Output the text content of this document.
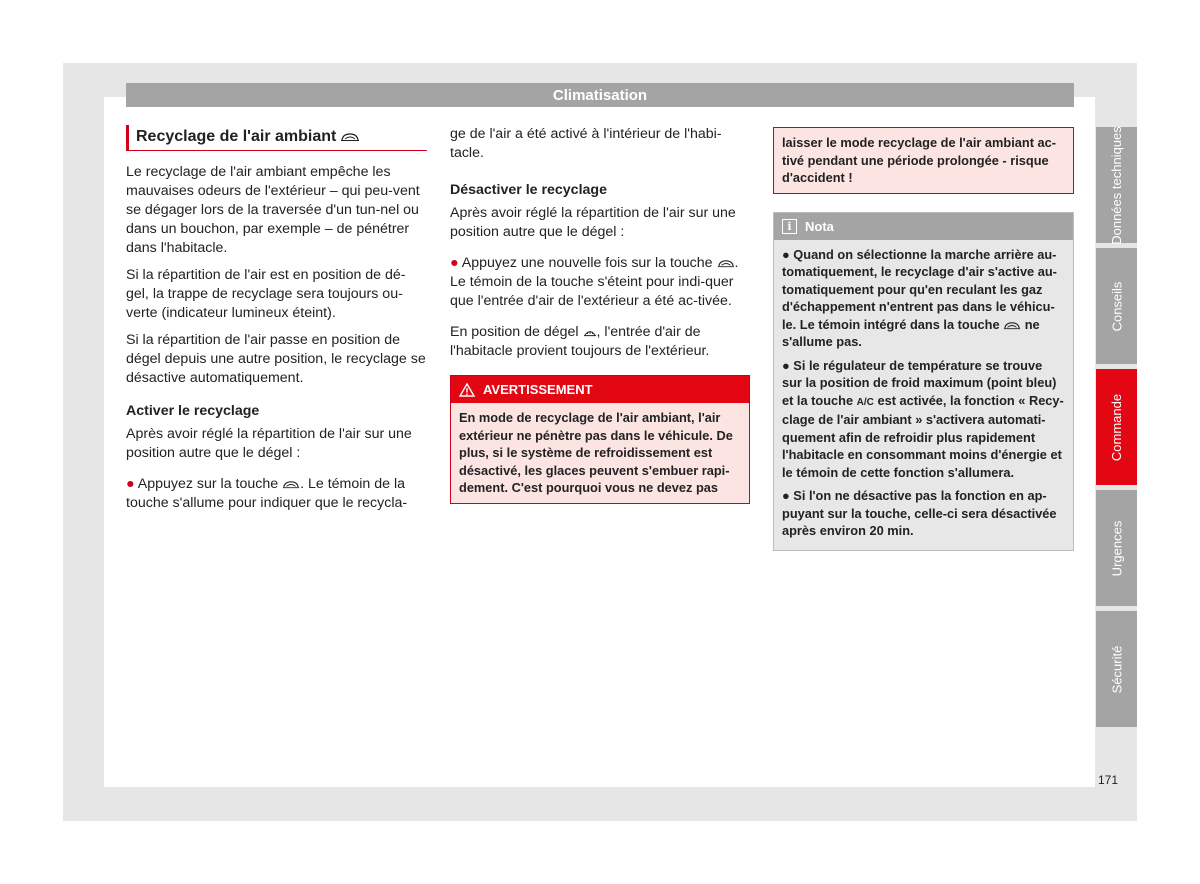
Climatisation
Recyclage de l'air ambiant

Le recyclage de l'air ambiant empêche les mauvaises odeurs de l'extérieur – qui peu-vent se dégager lors de la traversée d'un tun-nel ou dans un bouchon, par exemple – de pénétrer dans l'habitacle.

Si la répartition de l'air est en position de dé-gel, la trappe de recyclage sera toujours ou-verte (indicateur lumineux éteint).

Si la répartition de l'air passe en position de dégel depuis une autre position, le recyclage se désactive automatiquement.

Activer le recyclage

Après avoir réglé la répartition de l'air sur une position autre que le dégel :

● Appuyez sur la touche . Le témoin de la touche s'allume pour indiquer que le recycla-

ge de l'air a été activé à l'intérieur de l'habi-tacle.

Désactiver le recyclage

Après avoir réglé la répartition de l'air sur une position autre que le dégel :

● Appuyez une nouvelle fois sur la touche . Le témoin de la touche s'éteint pour indi-quer que l'entrée d'air de l'extérieur a été ac-tivée.

En position de dégel , l'entrée d'air de l'habitacle provient toujours de l'extérieur.

AVERTISSEMENT
En mode de recyclage de l'air ambiant, l'air extérieur ne pénètre pas dans le véhicule. De plus, si le système de refroidissement est désactivé, les glaces peuvent s'embuer rapi-dement. C'est pourquoi vous ne devez pas
laisser le mode recyclage de l'air ambiant ac-tivé pendant une période prolongée - risque d'accident !
i	Nota

● Quand on sélectionne la marche arrière au-tomatiquement, le recyclage d'air s'active au-tomatiquement pour qu'en reculant les gaz d'échappement n'entrent pas dans le véhicu-le. Le témoin intégré dans la touche ne s'allume pas.

● Si le régulateur de température se trouve sur la position de froid maximum (point bleu) et la touche A/C est activée, la fonction « Recy-clage de l'air ambiant » s'activera automati-quement afin de refroidir plus rapidement l'habitacle en consommant moins d'énergie et le témoin de cette fonction s'allumera.

● Si l'on ne désactive pas la fonction en ap-puyant sur la touche, celle-ci sera désactivée après environ 20 min.

Données techniques
Conseils
Commande
Urgences
Sécurité
171
